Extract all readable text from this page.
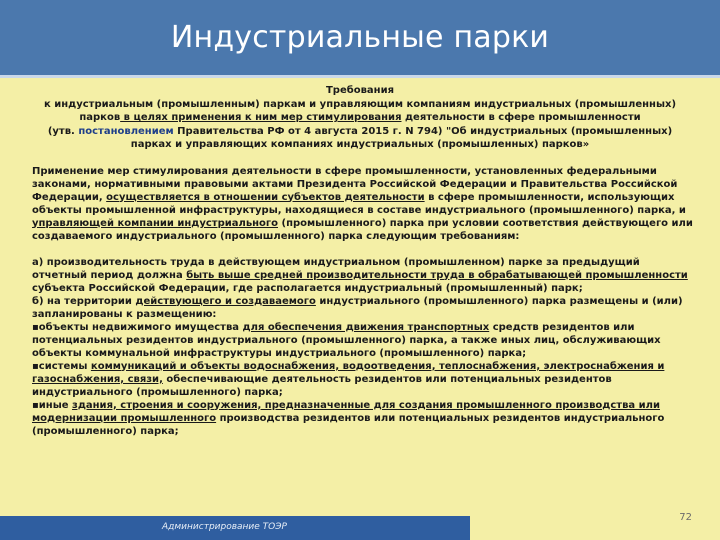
Индустриальные парки
Требования
к индустриальным (промышленным) паркам и управляющим компаниям индустриальных (промышленных)
парков в целях применения к ним мер стимулирования деятельности в сфере промышленности
(утв. постановлением Правительства РФ от 4 августа 2015 г. N 794) "Об индустриальных (промышленных)
парках и управляющих компаниях индустриальных (промышленных) парков»

Применение мер стимулирования деятельности в сфере промышленности, установленных федеральными законами, нормативными правовыми актами Президента Российской Федерации и Правительства Российской Федерации, осуществляется в отношении субъектов деятельности в сфере промышленности, использующих объекты промышленной инфраструктуры, находящиеся в составе индустриального (промышленного) парка, и управляющей компании индустриального (промышленного) парка при условии соответствия действующего или создаваемого индустриального (промышленного) парка следующим требованиям:

а) производительность труда в действующем индустриальном (промышленном) парке за предыдущий отчетный период должна быть выше средней производительности труда в обрабатывающей промышленности субъекта Российской Федерации, где располагается индустриальный (промышленный) парк;
б) на территории действующего и создаваемого индустриального (промышленного) парка размещены и (или) запланированы к размещению:
▪объекты недвижимого имущества для обеспечения движения транспортных средств резидентов или потенциальных резидентов индустриального (промышленного) парка, а также иных лиц, обслуживающих объекты коммунальной инфраструктуры индустриального (промышленного) парка;
▪системы коммуникаций и объекты водоснабжения, водоотведения, теплоснабжения, электроснабжения и газоснабжения, связи, обеспечивающие деятельность резидентов или потенциальных резидентов индустриального (промышленного) парка;
▪иные здания, строения и сооружения, предназначенные для создания промышленного производства или модернизации промышленного производства резидентов или потенциальных резидентов индустриального (промышленного) парка;

72
Администрирование ТОЭР
